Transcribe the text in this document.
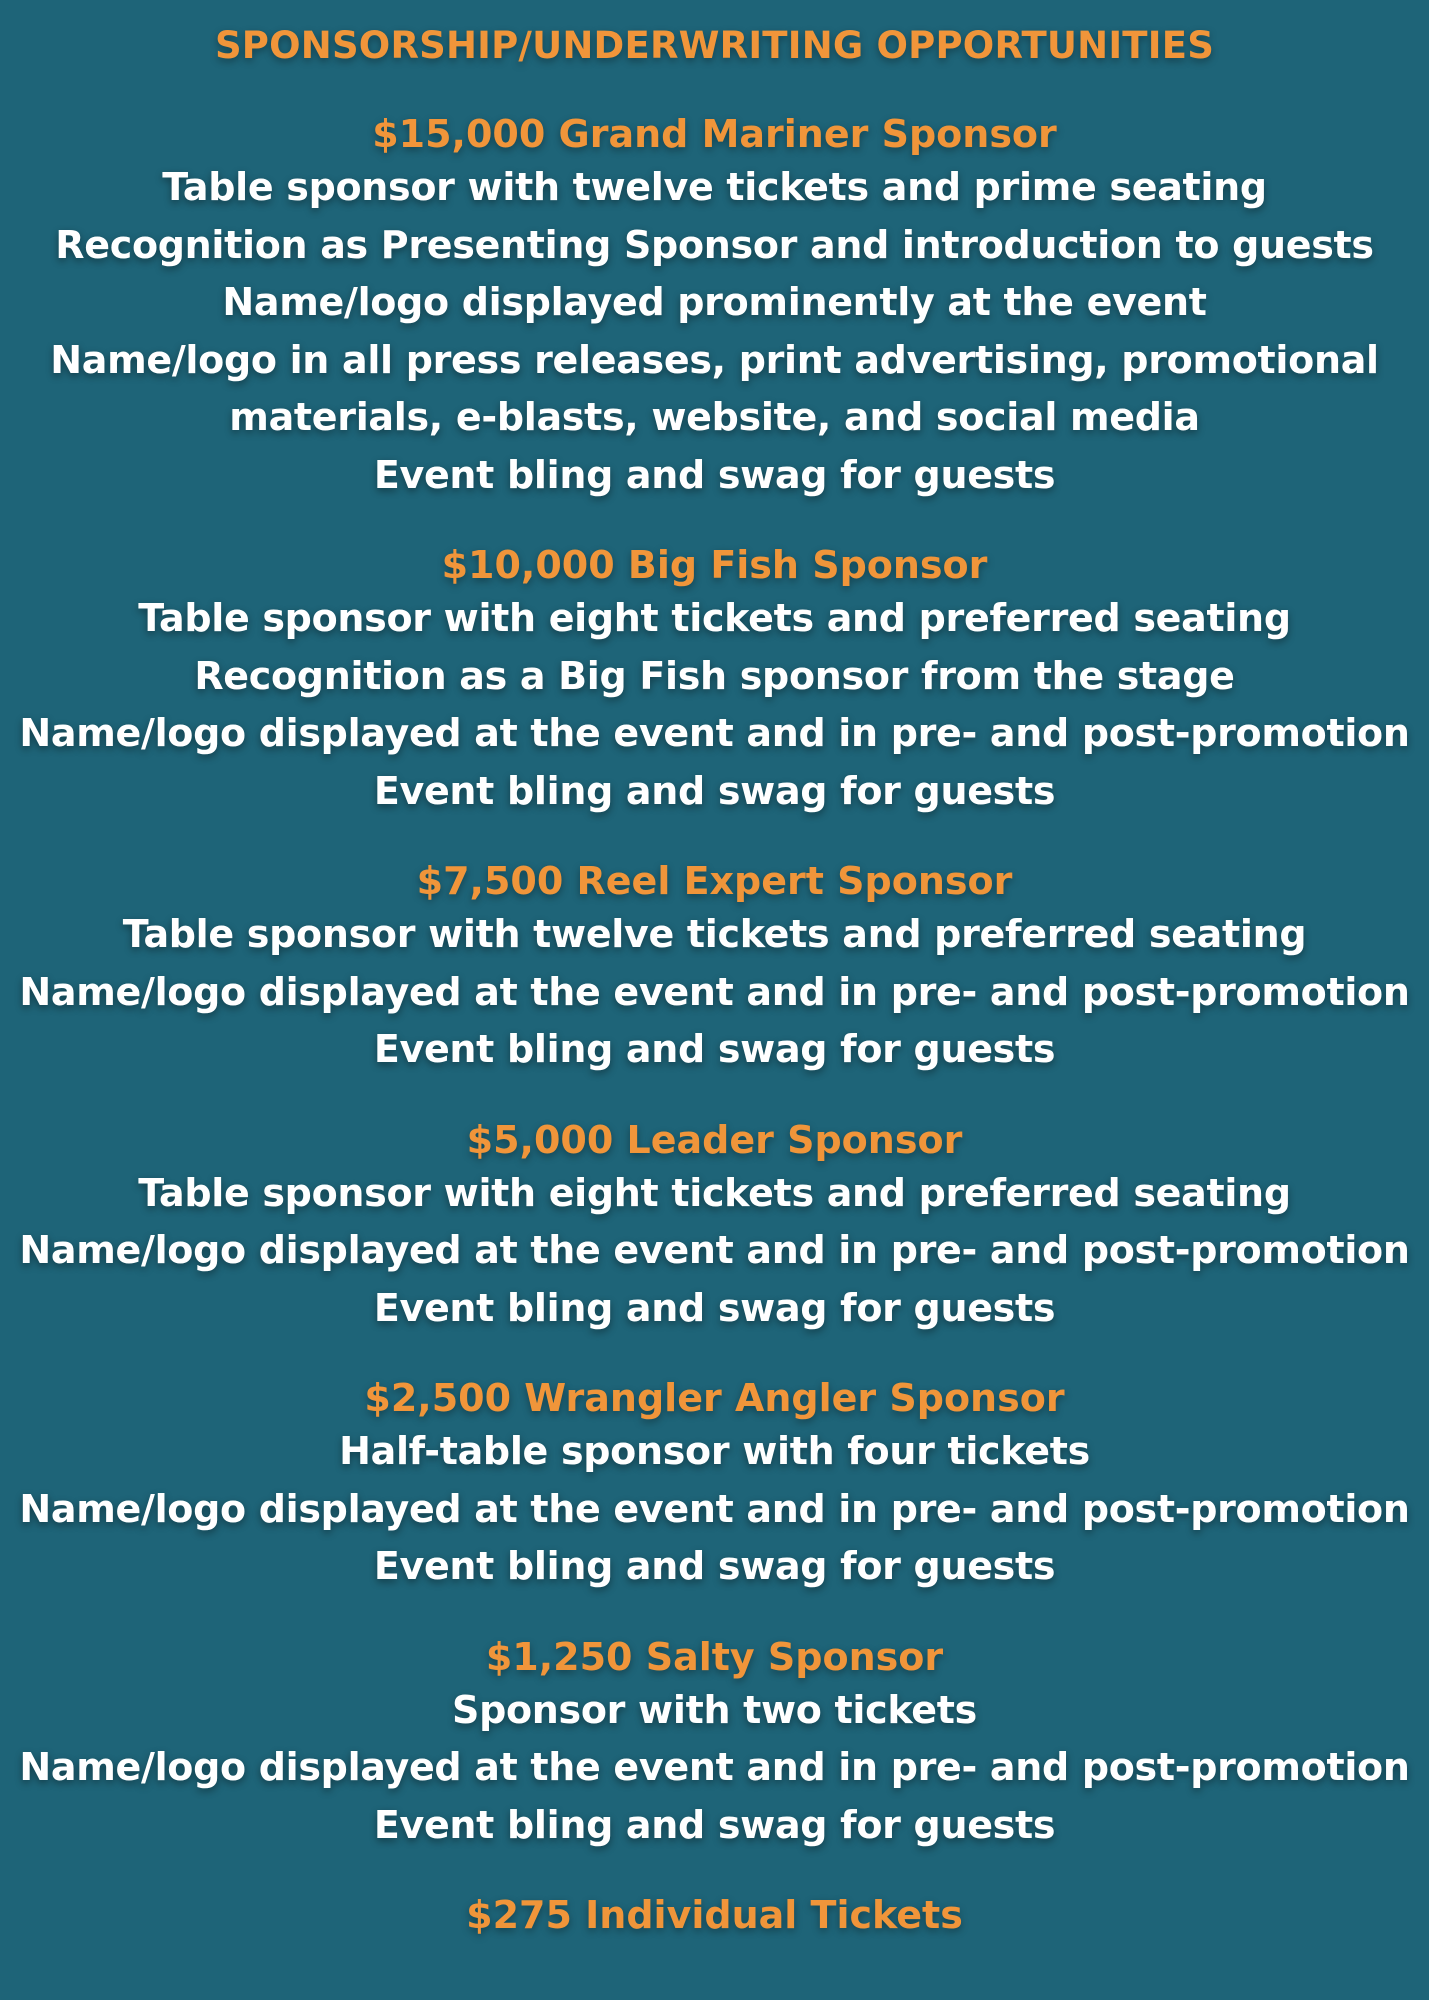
SPONSORSHIP/UNDERWRITING OPPORTUNITIES
$15,000 Grand Mariner Sponsor

Table sponsor with twelve tickets and prime seating

Recognition as Presenting Sponsor and introduction to guests

Name/logo displayed prominently at the event

Name/logo in all press releases, print advertising, promotional materials, e-blasts, website, and social media

Event bling and swag for guests

$10,000 Big Fish Sponsor

Table sponsor with eight tickets and preferred seating

Recognition as a Big Fish sponsor from the stage

Name/logo displayed at the event and in pre- and post-promotion

Event bling and swag for guests

$7,500 Reel Expert Sponsor

Table sponsor with twelve tickets and preferred seating

Name/logo displayed at the event and in pre- and post-promotion

Event bling and swag for guests

$5,000 Leader Sponsor

Table sponsor with eight tickets and preferred seating

Name/logo displayed at the event and in pre- and post-promotion

Event bling and swag for guests

$2,500 Wrangler Angler Sponsor

Half-table sponsor with four tickets

Name/logo displayed at the event and in pre- and post-promotion

Event bling and swag for guests

$1,250 Salty Sponsor

Sponsor with two tickets

Name/logo displayed at the event and in pre- and post-promotion

Event bling and swag for guests

$275 Individual Tickets
